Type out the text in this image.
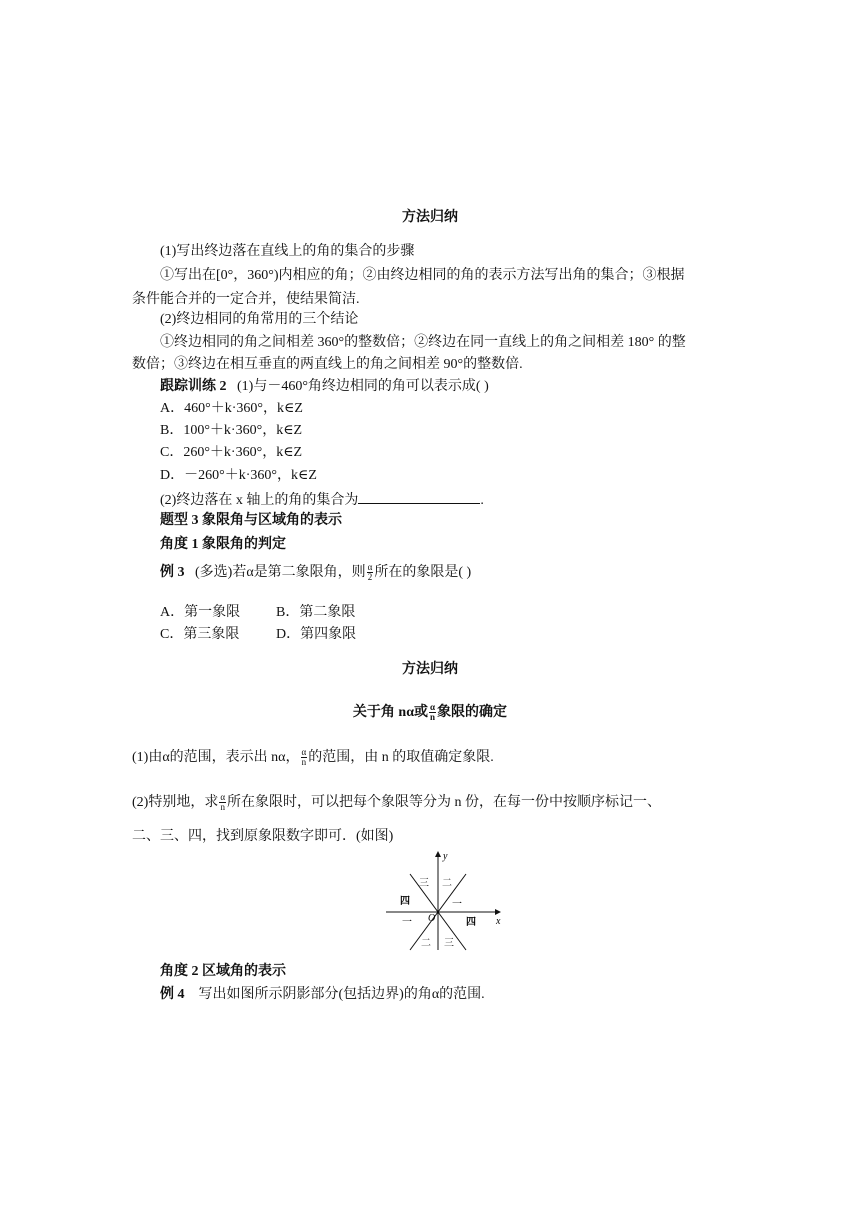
方法归纳
(1)写出终边落在直线上的角的集合的步骤
①写出在[0°，360°)内相应的角；②由终边相同的角的表示方法写出角的集合；③根据
条件能合并的一定合并，使结果简洁.
(2)终边相同的角常用的三个结论
①终边相同的角之间相差 360°的整数倍；②终边在同一直线上的角之间相差 180° 的整
数倍；③终边在相互垂直的两直线上的角之间相差 90°的整数倍.
跟踪训练 2 (1)与－460°角终边相同的角可以表示成( )
A．460°＋k·360°，k∈Z
B．100°＋k·360°，k∈Z
C．260°＋k·360°，k∈Z
D．－260°＋k·360°，k∈Z
(2)终边落在 x 轴上的角的集合为	.
题型 3 象限角与区域角的表示
角度 1 象限角的判定
例 3 (多选)若α是第二象限角，则 $\frac{\alpha}{2}$ 所在的象限是( )
A．第一象限	B．第二象限
C．第三象限	D．第四象限
方法归纳
关于角 nα或 $\frac{\alpha}{n}$ 象限的确定
(1)由α的范围，表示出 nα， $\frac{\alpha}{n}$ 的范围，由 n 的取值确定象限.
(2)特别地，求 $\frac{\alpha}{n}$ 所在象限时，可以把每个象限等分为 n 份，在每一份中按顺序标记一、
二、三、四，找到原象限数字即可．(如图)
y
x
O
二
一
三
四
一
二 三
四
角度 2 区域角的表示
例 4 写出如图所示阴影部分(包括边界)的角α的范围.
